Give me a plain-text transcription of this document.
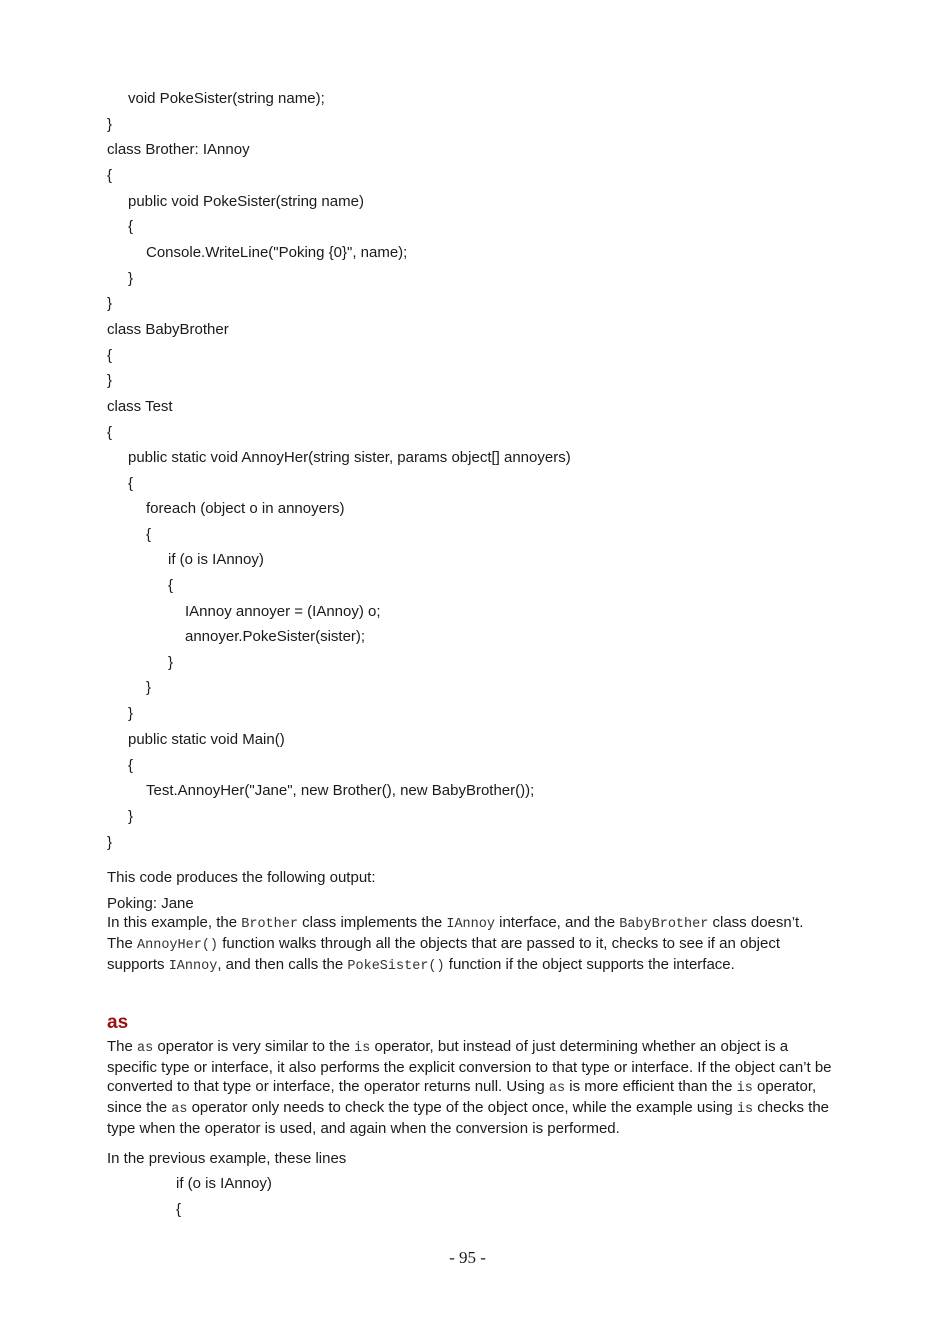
void PokeSister(string name);
}
class Brother: IAnnoy
{
public void PokeSister(string name)
{
Console.WriteLine("Poking {0}", name);
}
}
class BabyBrother
{
}
class Test
{
public static void AnnoyHer(string sister, params object[] annoyers)
{
foreach (object o in annoyers)
{
if (o is IAnnoy)
{
IAnnoy annoyer = (IAnnoy) o;
annoyer.PokeSister(sister);
}
}
}
public static void Main()
{
Test.AnnoyHer("Jane", new Brother(), new BabyBrother());
}
}

This code produces the following output:

Poking: Jane

In this example, the Brother class implements the IAnnoy interface, and the BabyBrother class doesn’t. The AnnoyHer() function walks through all the objects that are passed to it, checks to see if an object supports IAnnoy, and then calls the PokeSister() function if the object supports the interface.

as

The as operator is very similar to the is operator, but instead of just determining whether an object is a specific type or interface, it also performs the explicit conversion to that type or interface. If the object can’t be converted to that type or interface, the operator returns null. Using as is more efficient than the is operator, since the as operator only needs to check the type of the object once, while the example using is checks the type when the operator is used, and again when the conversion is performed.

In the previous example, these lines

if (o is IAnnoy)
{
- 95 -
